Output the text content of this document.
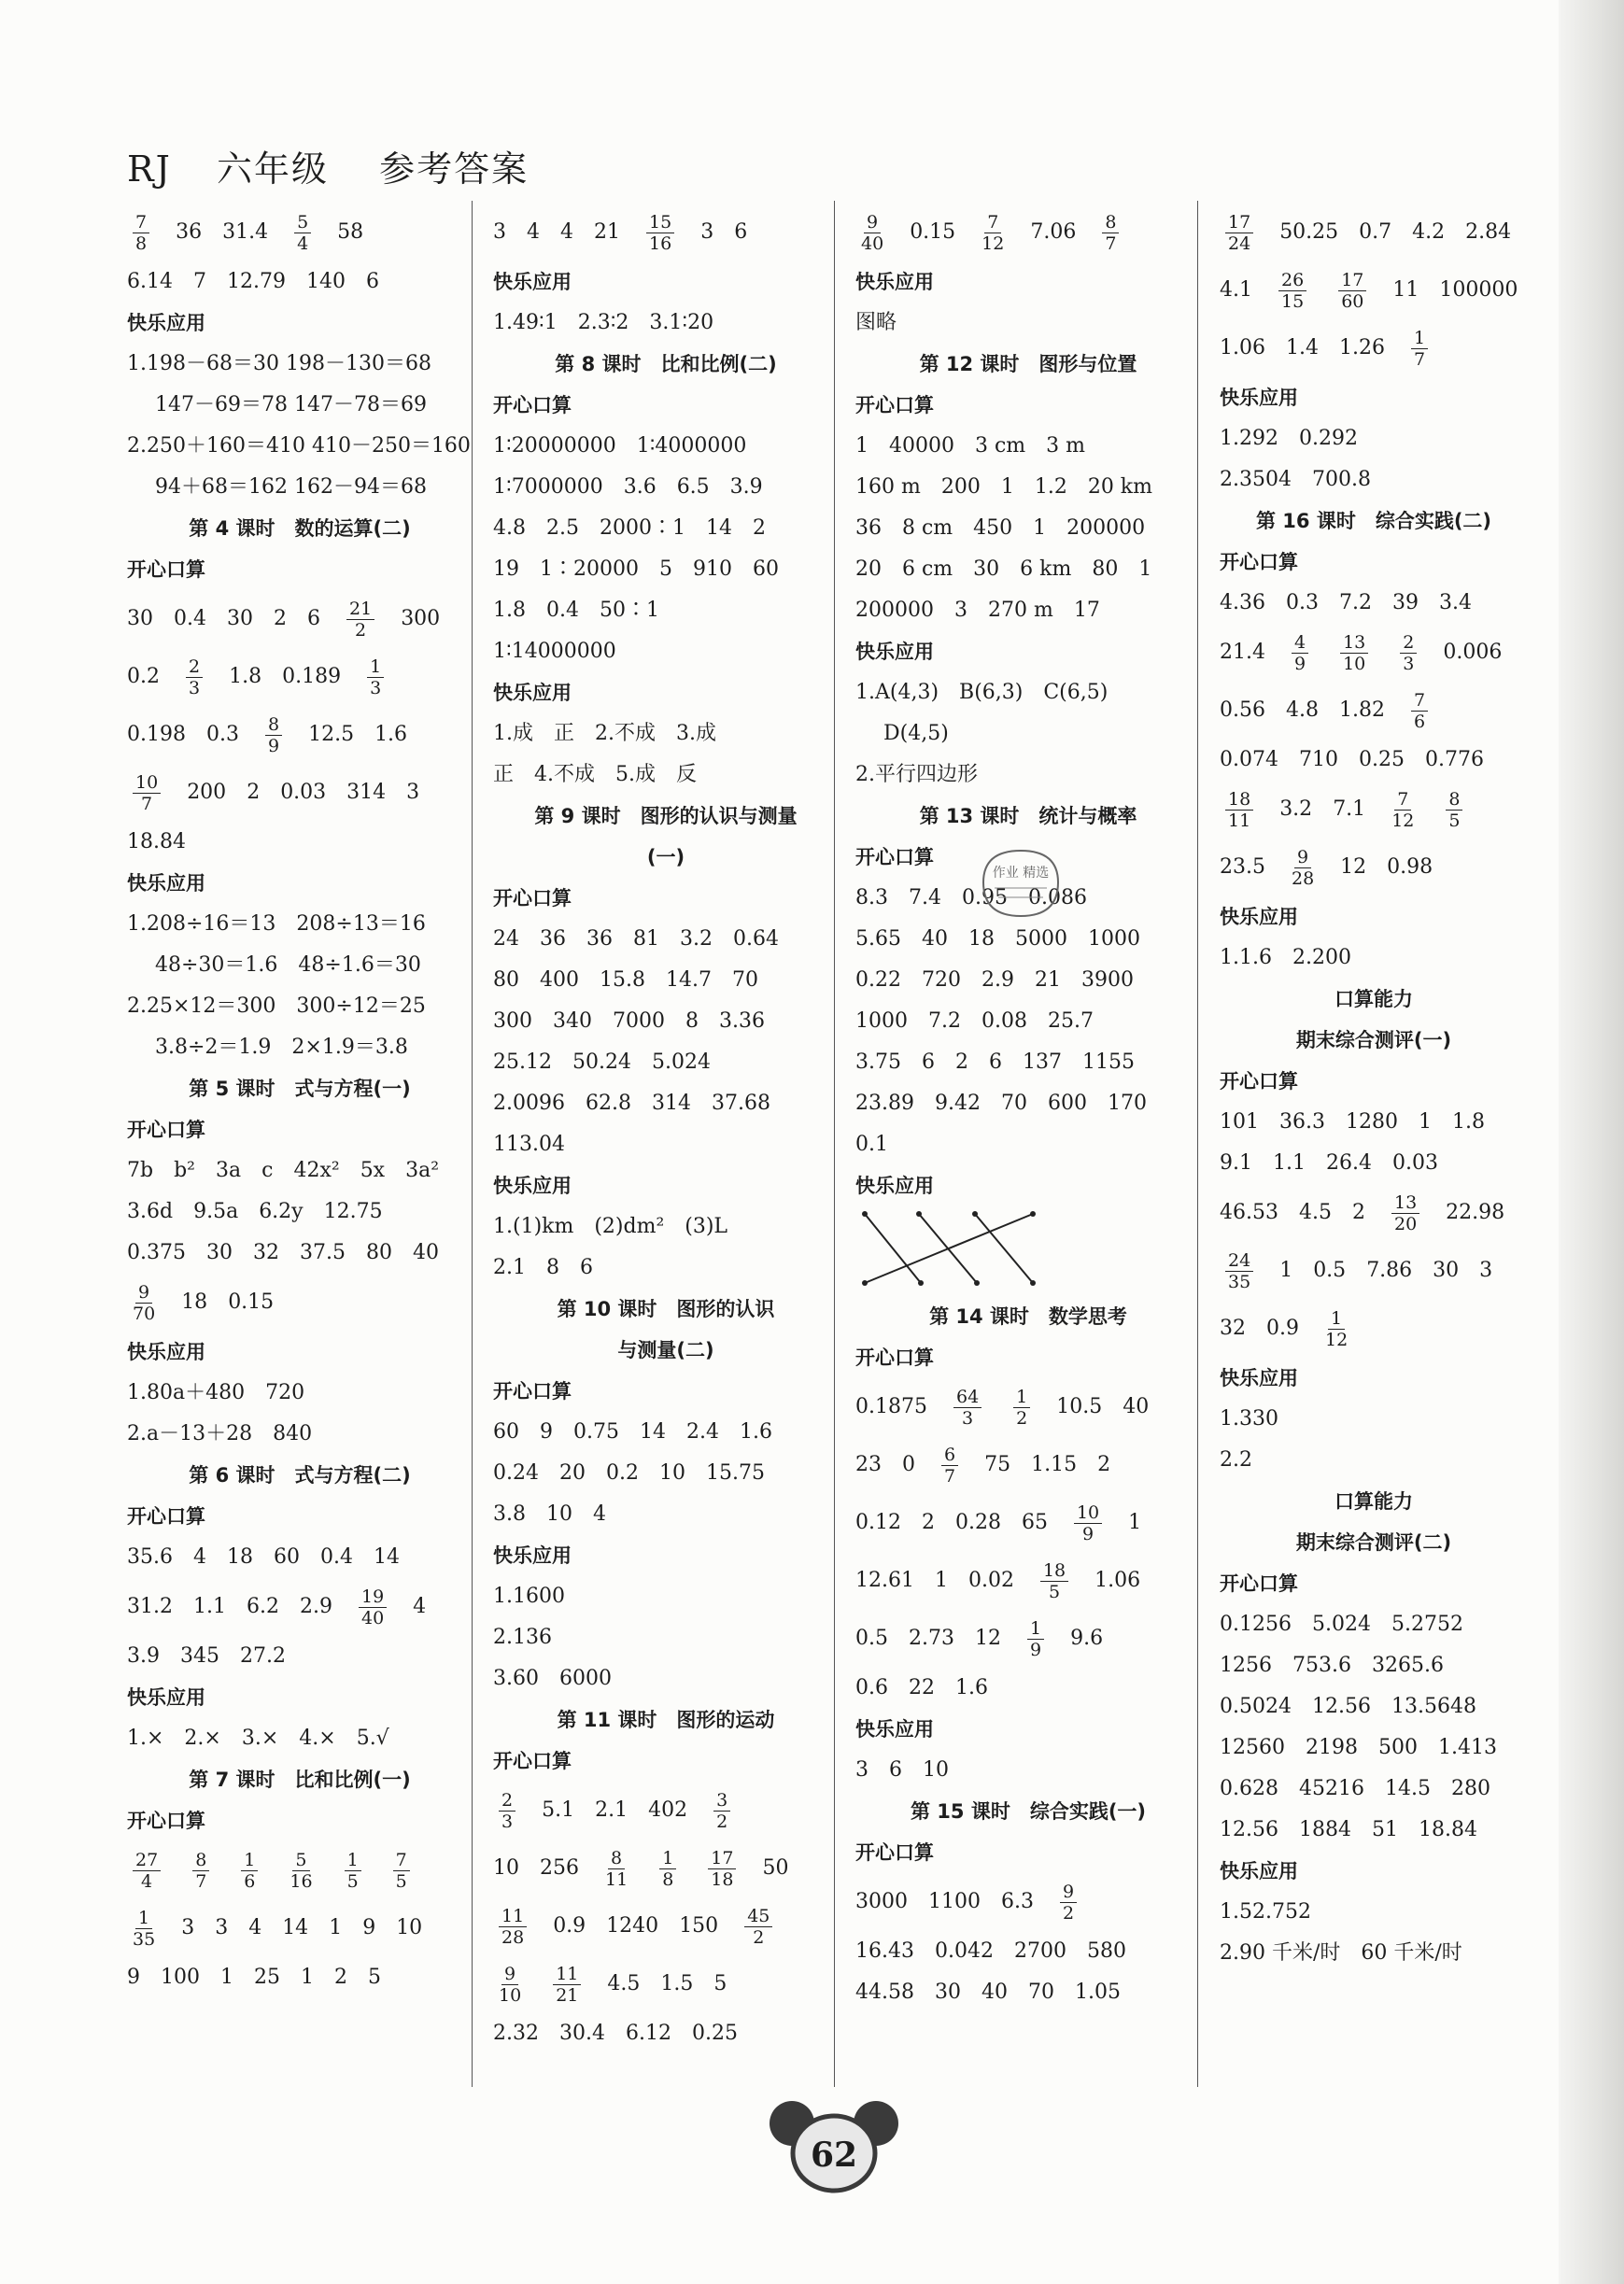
RJ 六年级 参考答案
$\frac{7}{8}$
  36  31.4  $\frac{5}{4}$
  58
6.14  7  12.79  140  6
快乐应用
1.198－68＝30 198－130＝68
147－69＝78 147－78＝69
2.250＋160＝410 410－250＝160
94＋68＝162 162－94＝68
第 4 课时　数的运算(二)
开心口算
30  0.4  30  2  6  $\frac{21}{2}$
  300
0.2  $\frac{2}{3}$
  1.8  0.189  $\frac{1}{3}$
0.198  0.3  $\frac{8}{9}$
  12.5  1.6
$\frac{10}{7}$
  200  2  0.03  314  3
18.84
快乐应用
1.208÷16＝13　208÷13＝16
48÷30＝1.6　48÷1.6＝30
2.25×12＝300　300÷12＝25
3.8÷2＝1.9　2×1.9＝3.8
第 5 课时　式与方程(一)
开心口算
7b  b²  3a  c  42x²  5x  3a²
3.6d  9.5a  6.2y  12.75
0.375  30  32  37.5  80  40
$\frac{9}{70}$
  18  0.15
快乐应用
1.80a＋480　720
2.a－13＋28　840
第 6 课时　式与方程(二)
开心口算
35.6  4  18  60  0.4  14
31.2  1.1  6.2  2.9  $\frac{19}{40}$
  4
3.9  345  27.2
快乐应用
1.×　2.×　3.×　4.×　5.√
第 7 课时　比和比例(一)
开心口算
$\frac{27}{4}$
  $\frac{8}{7}$
  $\frac{1}{6}$
  $\frac{5}{16}$
  $\frac{1}{5}$
  $\frac{7}{5}$
$\frac{1}{35}$
  3  3  4  14  1  9  10
9  100  1  25  1  2  5
3  4  4  21  $\frac{15}{16}$
  3  6
快乐应用
1.49∶1　2.3∶2　3.1∶20
第 8 课时　比和比例(二)
开心口算
1∶20000000　1∶4000000
1∶7000000　3.6　6.5　3.9
4.8　2.5　2000∶1　14　2
19　1∶20000　5　910　60
1.8　0.4　50∶1
1∶14000000
快乐应用
1.成　正　2.不成　3.成
正　4.不成　5.成　反
第 9 课时　图形的认识与测量
(一)
开心口算
24　36　36　81　3.2　0.64
80　400　15.8　14.7　70
300　340　7000　8　3.36
25.12　50.24　5.024
2.0096　62.8　314　37.68
113.04
快乐应用
1.(1)km　(2)dm²　(3)L
2.1　8　6
第 10 课时　图形的认识
与测量(二)
开心口算
60　9　0.75　14　2.4　1.6
0.24　20　0.2　10　15.75
3.8　10　4
快乐应用
1.1600
2.136
3.60　6000
第 11 课时　图形的运动
开心口算
$\frac{2}{3}$
  5.1  2.1  402  $\frac{3}{2}$
10  256  $\frac{8}{11}$
  $\frac{1}{8}$
  $\frac{17}{18}$
  50
$\frac{11}{28}$
  0.9  1240  150  $\frac{45}{2}$
$\frac{9}{10}$
  $\frac{11}{21}$
  4.5  1.5  5
2.32　30.4　6.12　0.25
$\frac{9}{40}$
  0.15  $\frac{7}{12}$
  7.06  $\frac{8}{7}$
快乐应用
图略
第 12 课时　图形与位置
开心口算
1　40000　3 cm　3 m
160 m　200　1　1.2　20 km
36　8 cm　450　1　200000
20　6 cm　30　6 km　80　1
200000　3　270 m　17
快乐应用
1.A(4,3)　B(6,3)　C(6,5)
D(4,5)
2.平行四边形
第 13 课时　统计与概率
开心口算
8.3　7.4　0.95　0.086
5.65　40　18　5000　1000
0.22　720　2.9　21　3900
1000　7.2　0.08　25.7
3.75　6　2　6　137　1155
23.89　9.42　70　600　170
0.1
快乐应用
第 14 课时　数学思考
开心口算
0.1875  $\frac{64}{3}$
  $\frac{1}{2}$
  10.5  40
23  0  $\frac{6}{7}$
  75  1.15  2
0.12  2  0.28  65  $\frac{10}{9}$
  1
12.61  1  0.02  $\frac{18}{5}$
  1.06
0.5  2.73  12  $\frac{1}{9}$
  9.6
0.6　22　1.6
快乐应用
3　6　10
第 15 课时　综合实践(一)
开心口算
3000  1100  6.3  $\frac{9}{2}$
16.43　0.042　2700　580
44.58　30　40　70　1.05
$\frac{17}{24}$
  50.25  0.7  4.2  2.84
4.1  $\frac{26}{15}$
  $\frac{17}{60}$
  11  100000
1.06  1.4  1.26  $\frac{1}{7}$
快乐应用
1.292　0.292
2.3504　700.8
第 16 课时　综合实践(二)
开心口算
4.36　0.3　7.2　39　3.4
21.4  $\frac{4}{9}$
  $\frac{13}{10}$
  $\frac{2}{3}$
  0.006
0.56  4.8  1.82  $\frac{7}{6}$
0.074　710　0.25　0.776
$\frac{18}{11}$
  3.2  7.1  $\frac{7}{12}$
  $\frac{8}{5}$
23.5  $\frac{9}{28}$
  12  0.98
快乐应用
1.1.6　2.200
口算能力
期末综合测评(一)
开心口算
101　36.3　1280　1　1.8
9.1　1.1　26.4　0.03
46.53  4.5  2  $\frac{13}{20}$
  22.98
$\frac{24}{35}$
  1  0.5  7.86  30  3
32  0.9  $\frac{1}{12}$
快乐应用
1.330
2.2
口算能力
期末综合测评(二)
开心口算
0.1256　5.024　5.2752
1256　753.6　3265.6
0.5024　12.56　13.5648
12560　2198　500　1.413
0.628　45216　14.5　280
12.56　1884　51　18.84
快乐应用
1.52.752
2.90 千米/时　60 千米/时
作业 精选
62
